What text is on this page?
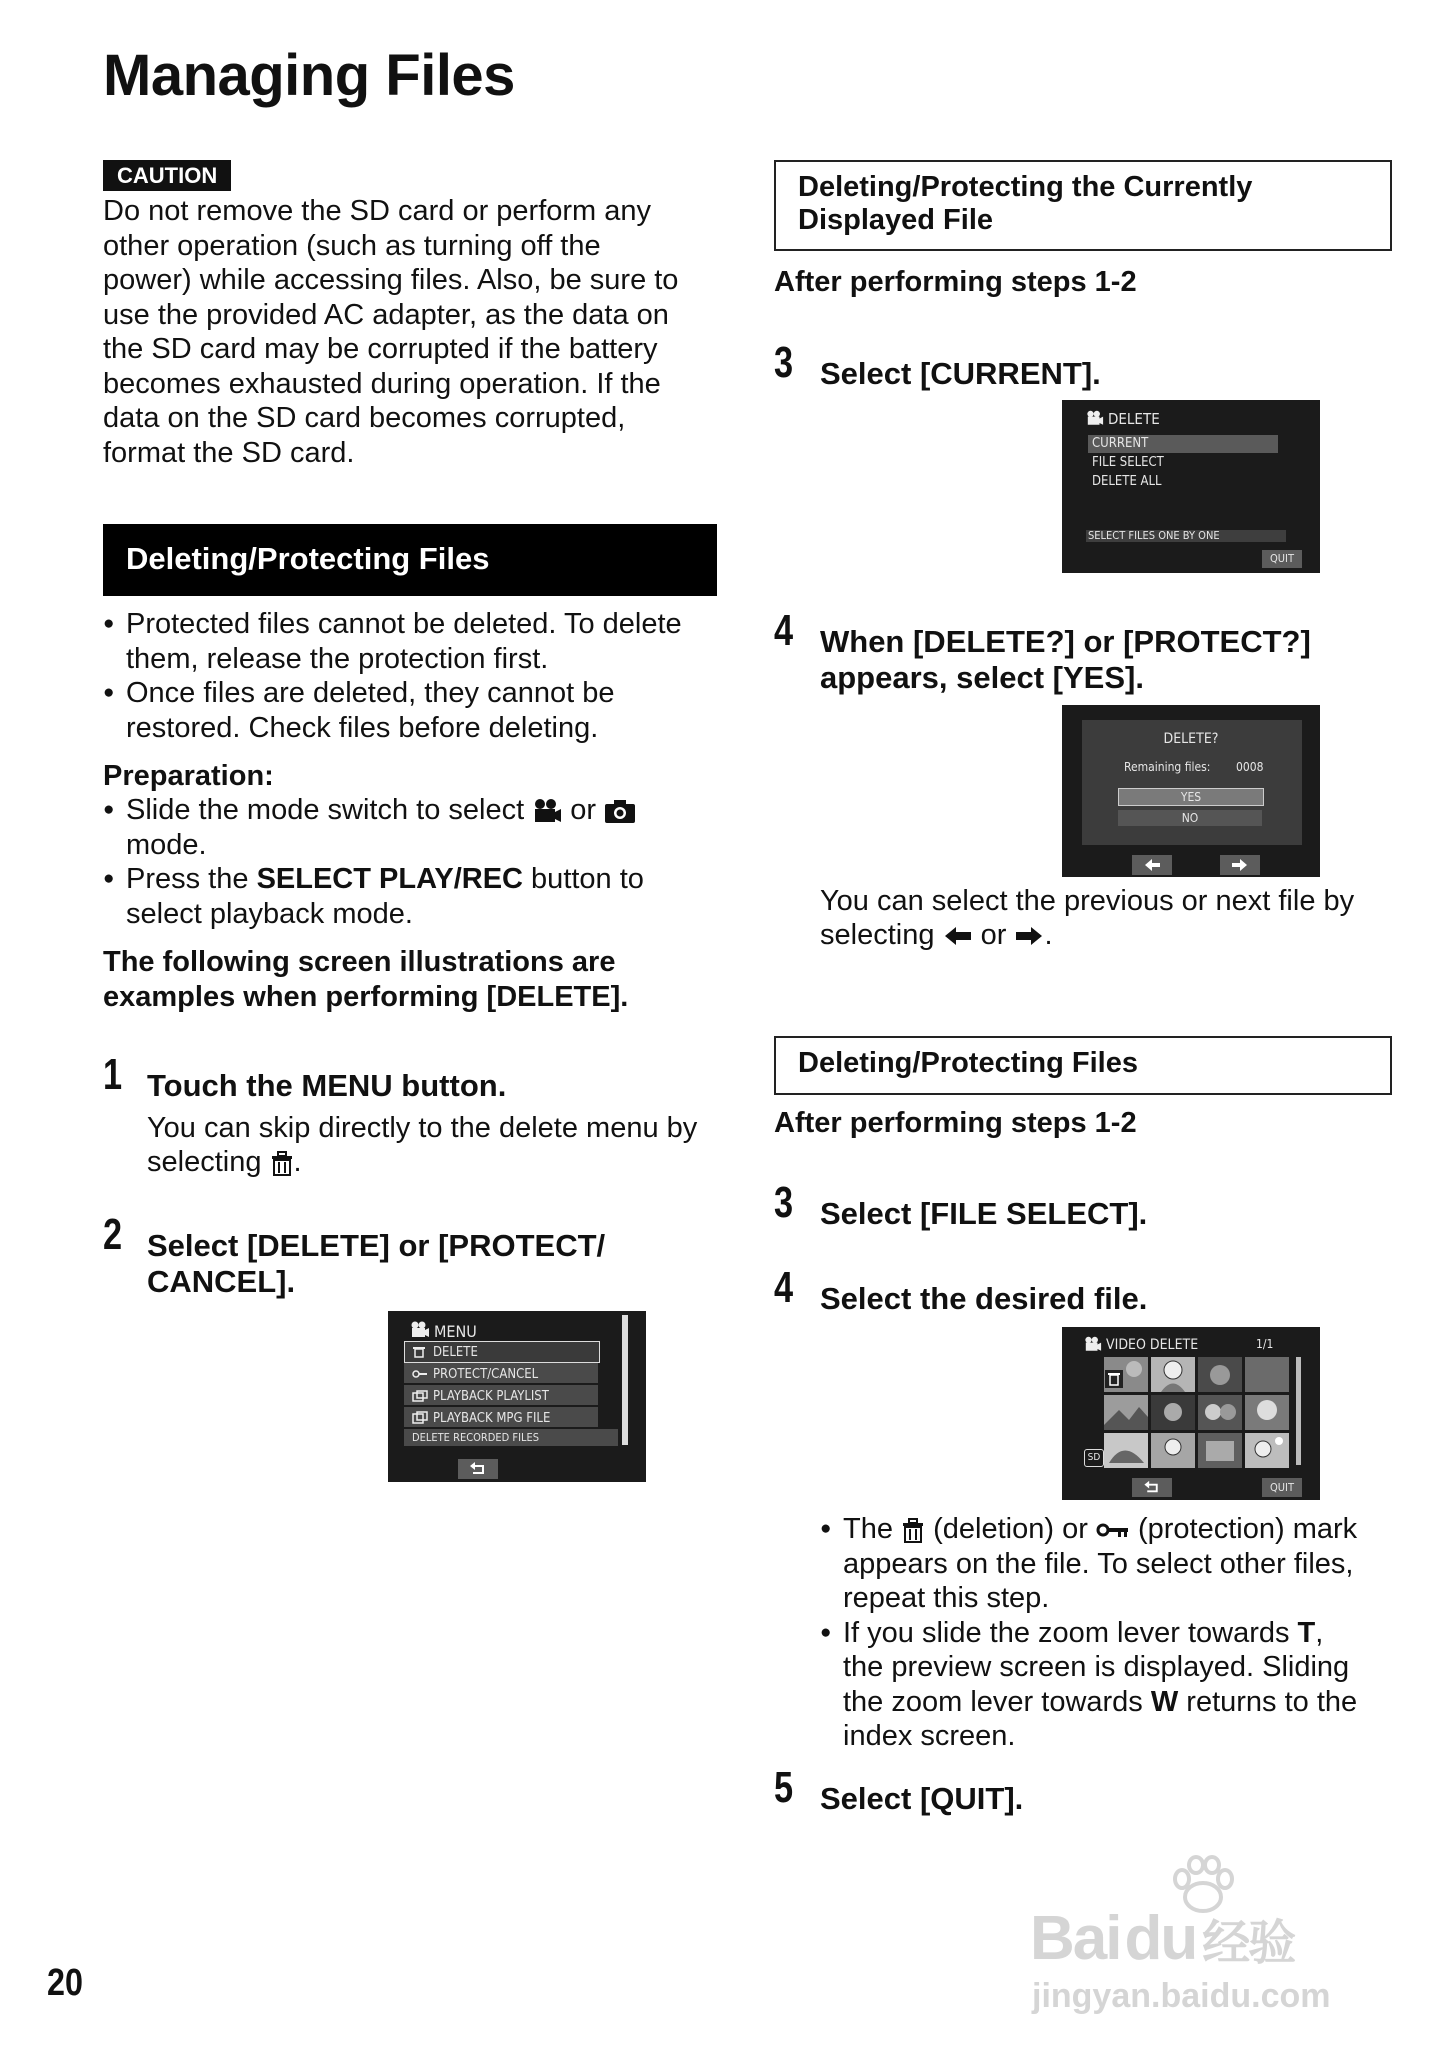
Managing Files
CAUTION
Do not remove the SD card or perform any
other operation (such as turning off the
power) while accessing files. Also, be sure to
use the provided AC adapter, as the data on
the SD card may be corrupted if the battery
becomes exhausted during operation. If the
data on the SD card becomes corrupted,
format the SD card.
Deleting/Protecting Files
● Protected files cannot be deleted. To delete
them, release the protection first.
● Once files are deleted, they cannot be
restored. Check files before deleting.
Preparation:
● Slide the mode switch to select or
mode.
● Press the SELECT PLAY/REC button to
select playback mode.
The following screen illustrations are
examples when performing [DELETE].
1 Touch the MENU button.
You can skip directly to the delete menu by
selecting .
2 Select [DELETE] or [PROTECT/
CANCEL].
MENU
DELETE
PROTECT/CANCEL
PLAYBACK PLAYLIST
PLAYBACK MPG FILE
DELETE RECORDED FILES
Deleting/Protecting the Currently
Displayed File
After performing steps 1-2
3 Select [CURRENT].
DELETE
CURRENT
FILE SELECT
DELETE ALL
SELECT FILES ONE BY ONE
QUIT
4 When [DELETE?] or [PROTECT?]
appears, select [YES].
DELETE?
Remaining files: 0008
YES
NO
You can select the previous or next file by
selecting or .
Deleting/Protecting Files
After performing steps 1-2
3 Select [FILE SELECT].
4 Select the desired file.
VIDEO DELETE	1/1
SD
QUIT
● The (deletion) or (protection) mark
appears on the file. To select other files,
repeat this step.
● If you slide the zoom lever towards T,
the preview screen is displayed. Sliding
the zoom lever towards W returns to the
index screen.
5 Select [QUIT].
20
Baidu 经验
jingyan.baidu.com
